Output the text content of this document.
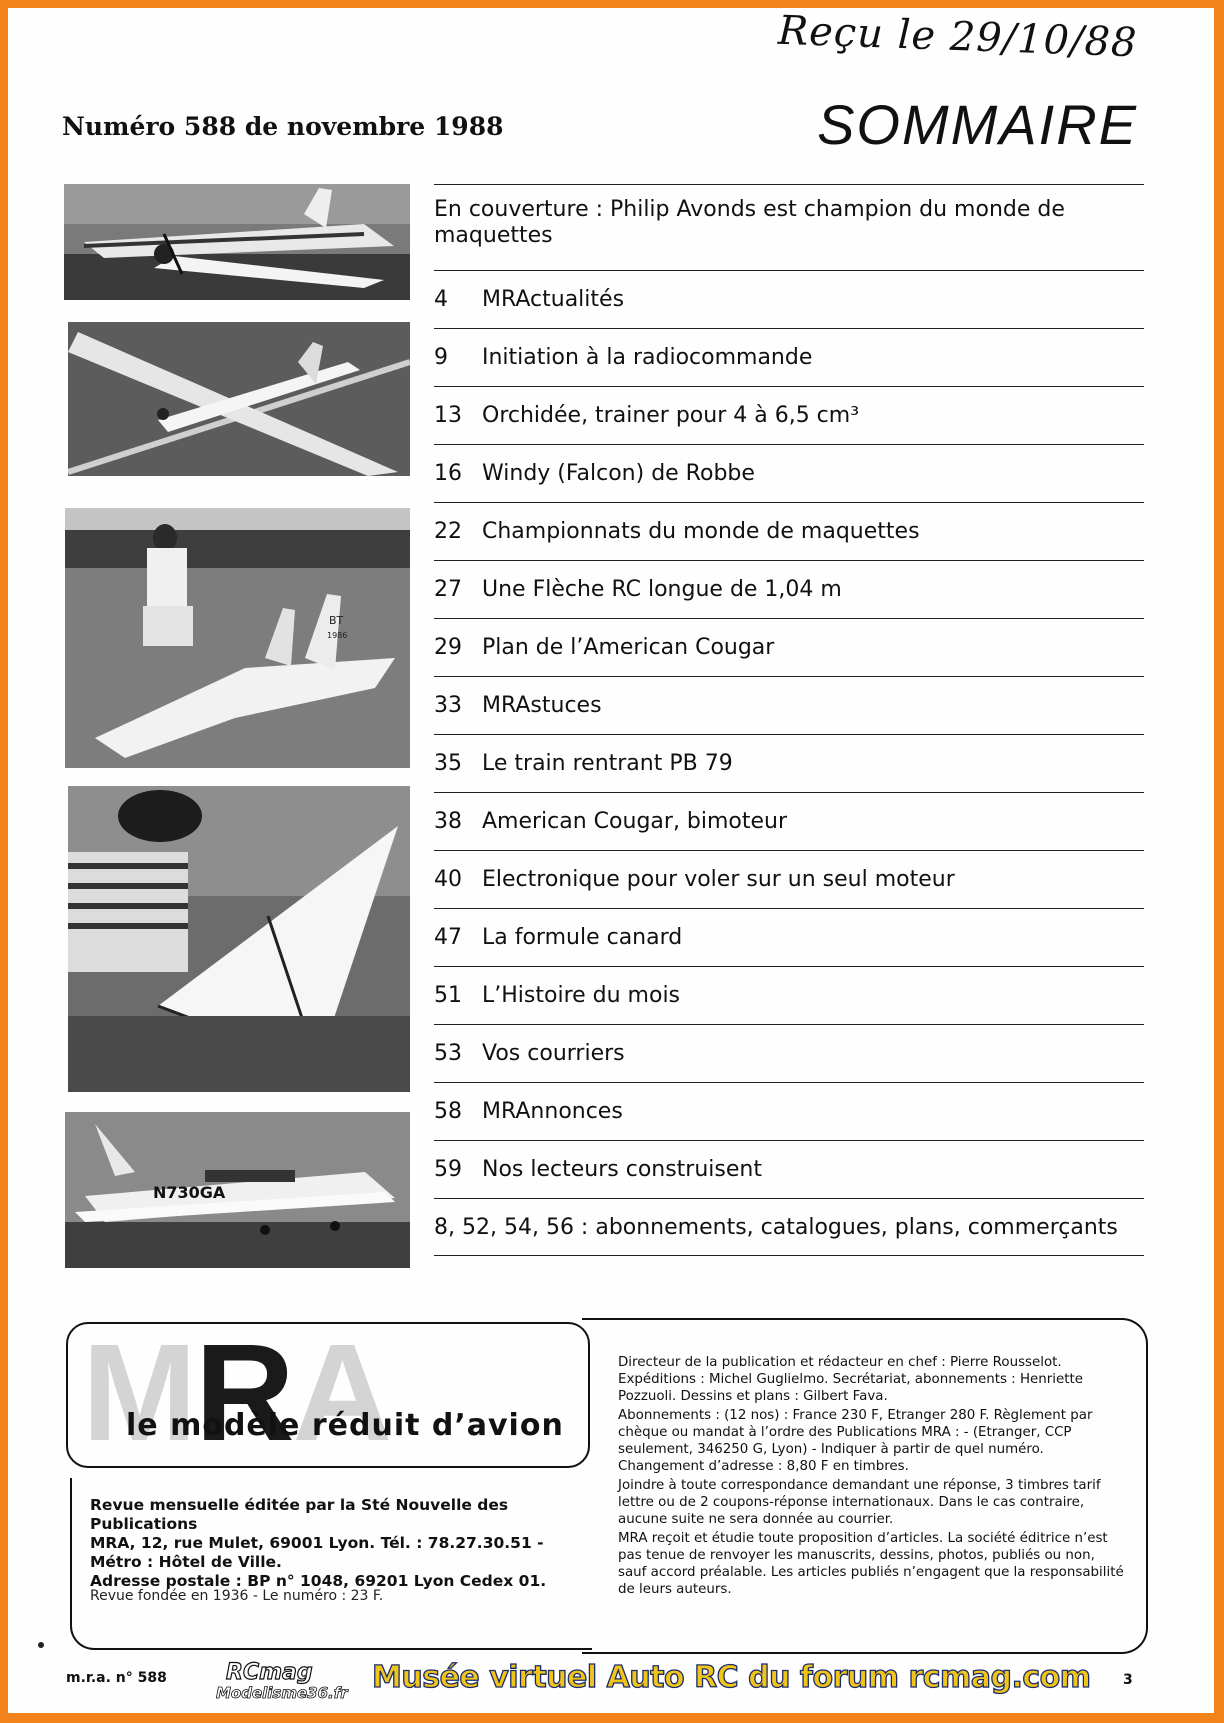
Reçu le 29/10/88
Numéro 588 de novembre 1988	SOMMAIRE
BT
1986
N730GA
En couverture : Philip Avonds est champion du monde de maquettes
4	MRActualités
9	Initiation à la radiocommande
13 Orchidée, trainer pour 4 à 6,5 cm³
16 Windy (Falcon) de Robbe
22 Championnats du monde de maquettes
27 Une Flèche RC longue de 1,04 m
29 Plan de l’American Cougar
33 MRAstuces
35 Le train rentrant PB 79
38 American Cougar, bimoteur
40 Electronique pour voler sur un seul moteur
47 La formule canard
51 L’Histoire du mois
53 Vos courriers
58 MRAnnonces
59 Nos lecteurs construisent
8, 52, 54, 56 : abonnements, catalogues, plans, commerçants
MRA
le modèle réduit d’avion
Revue mensuelle éditée par la Sté Nouvelle des Publications
MRA, 12, rue Mulet, 69001 Lyon. Tél. : 78.27.30.51 -
Métro : Hôtel de Ville.
Adresse postale : BP n° 1048, 69201 Lyon Cedex 01.
Revue fondée en 1936 - Le numéro : 23 F.

Directeur de la publication et rédacteur en chef : Pierre Rousselot. Expéditions : Michel Guglielmo. Secrétariat, abonnements : Henriette Pozzuoli. Dessins et plans : Gilbert Fava.

Abonnements : (12 nos) : France 230 F, Etranger 280 F. Règlement par chèque ou mandat à l’ordre des Publications MRA : - (Etranger, CCP seulement, 346250 G, Lyon) - Indiquer à partir de quel numéro. Changement d’adresse : 8,80 F en timbres.

Joindre à toute correspondance demandant une réponse, 3 timbres tarif lettre ou de 2 coupons-réponse internationaux. Dans le cas contraire, aucune suite ne sera donnée au courrier.

MRA reçoit et étudie toute proposition d’articles. La société éditrice n’est pas tenue de renvoyer les manuscrits, dessins, photos, publiés ou non, sauf accord préalable. Les articles publiés n’engagent que la responsabilité de leurs auteurs.

m.r.a. n° 588	RCmag
Modelisme36.fr Musée virtuel Auto RC du forum rcmag.com 3
